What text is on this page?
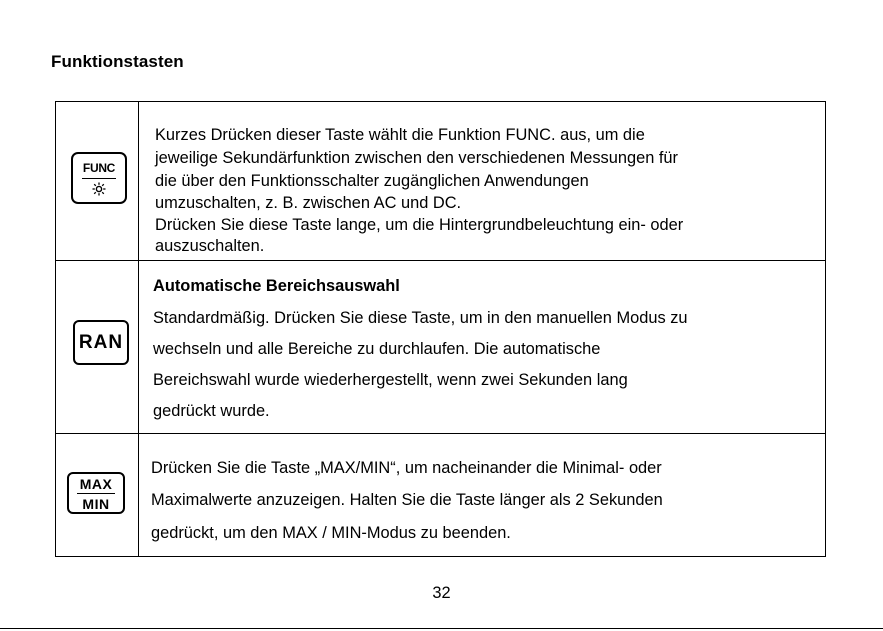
Funktionstasten
FUNC
Kurzes Drücken dieser Taste wählt die Funktion FUNC. aus, um die
jeweilige Sekundärfunktion zwischen den verschiedenen Messungen für
die über den Funktionsschalter zugänglichen Anwendungen
umzuschalten, z. B. zwischen AC und DC.
Drücken Sie diese Taste lange, um die Hintergrundbeleuchtung ein- oder
auszuschalten.
RAN
Automatische Bereichsauswahl
Standardmäßig. Drücken Sie diese Taste, um in den manuellen Modus zu
wechseln und alle Bereiche zu durchlaufen. Die automatische
Bereichswahl wurde wiederhergestellt, wenn zwei Sekunden lang
gedrückt wurde.
MAX
MIN
Drücken Sie die Taste „MAX/MIN“, um nacheinander die Minimal- oder
Maximalwerte anzuzeigen. Halten Sie die Taste länger als 2 Sekunden
gedrückt, um den MAX / MIN-Modus zu beenden.
32
